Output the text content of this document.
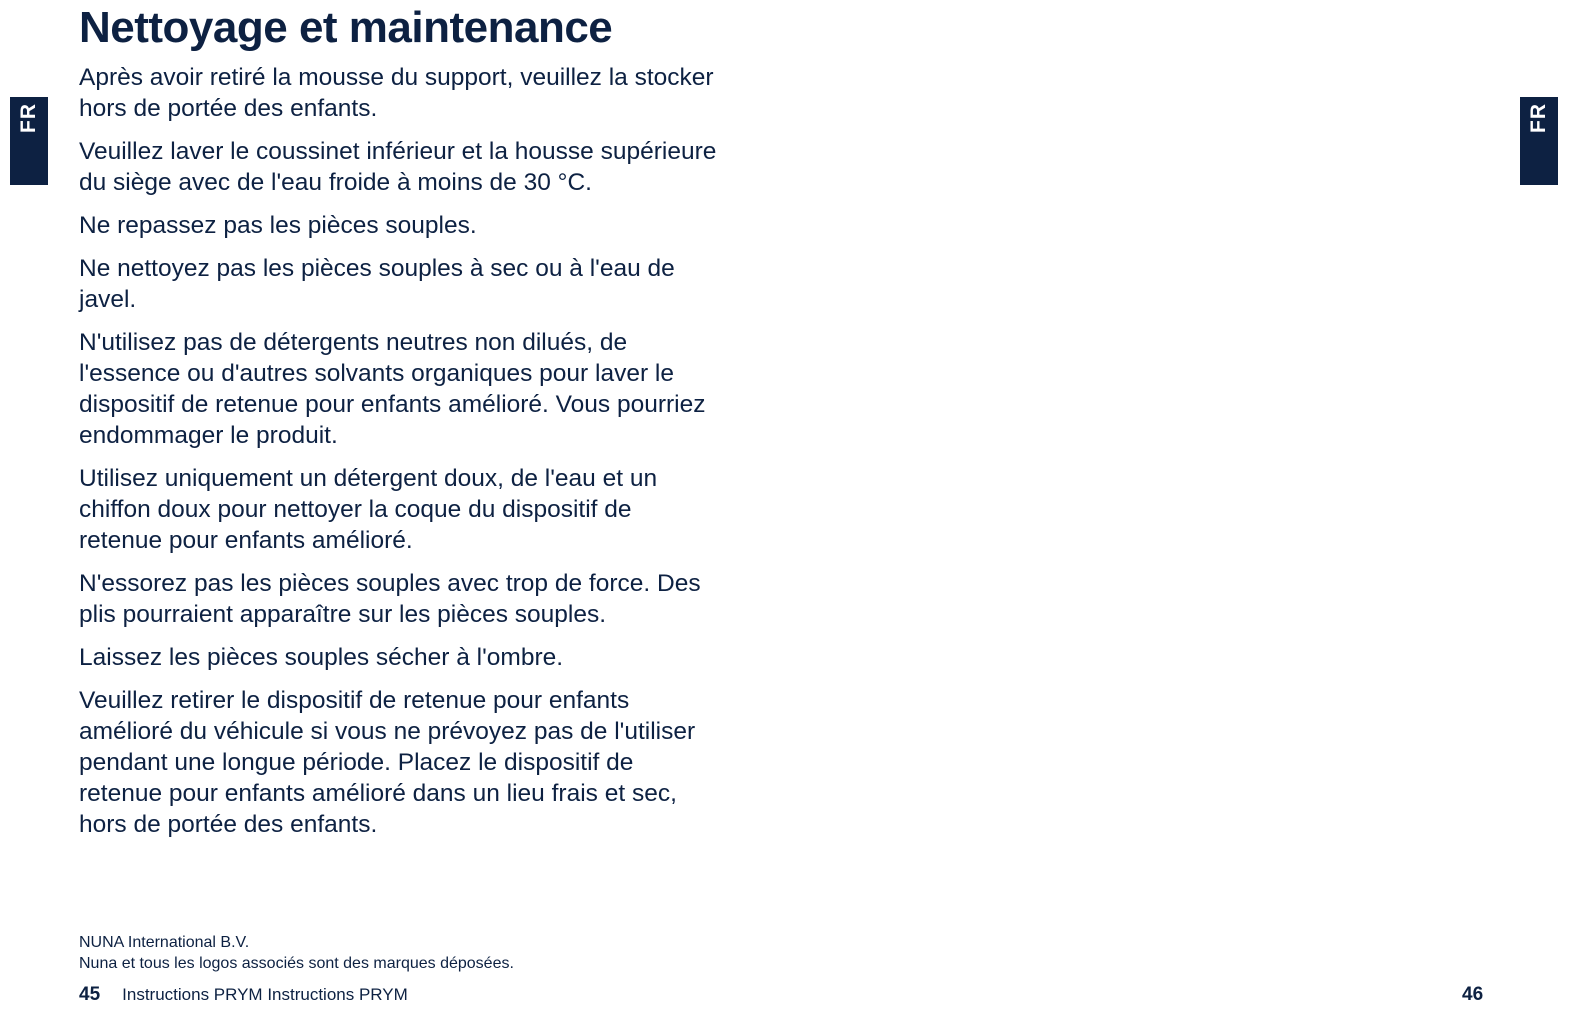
FR	FR
Nettoyage et maintenance

Après avoir retiré la mousse du support, veuillez la stocker hors de portée des enfants.

Veuillez laver le coussinet inférieur et la housse supérieure du siège avec de l'eau froide à moins de 30 °C.

Ne repassez pas les pièces souples.

Ne nettoyez pas les pièces souples à sec ou à l'eau de javel.

N'utilisez pas de détergents neutres non dilués, de l'essence ou d'autres solvants organiques pour laver le dispositif de retenue pour enfants amélioré. Vous pourriez endommager le produit.

Utilisez uniquement un détergent doux, de l'eau et un chiffon doux pour nettoyer la coque du dispositif de retenue pour enfants amélioré.

N'essorez pas les pièces souples avec trop de force. Des plis pourraient apparaître sur les pièces souples.

Laissez les pièces souples sécher à l'ombre.

Veuillez retirer le dispositif de retenue pour enfants amélioré du véhicule si vous ne prévoyez pas de l'utiliser pendant une longue période. Placez le dispositif de retenue pour enfants amélioré dans un lieu frais et sec, hors de portée des enfants.

NUNA International B.V.
Nuna et tous les logos associés sont des marques déposées.
45 Instructions PRYM Instructions PRYM	46
